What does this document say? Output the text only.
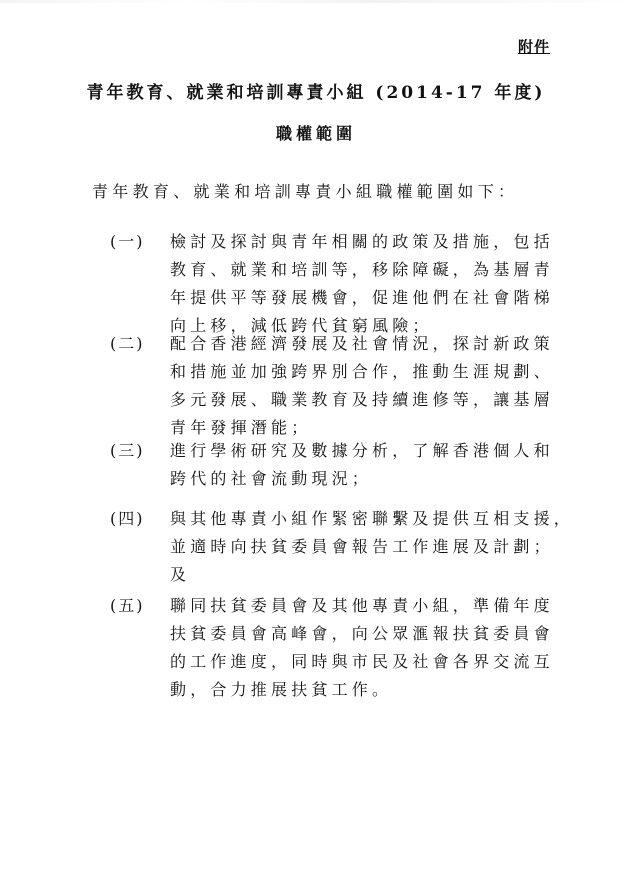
附件
青年教育、就業和培訓專責小組 (2014-17 年度)
職權範圍
青年教育、就業和培訓專責小組職權範圍如下：
(一)	檢討及探討與青年相關的政策及措施，包括
教育、就業和培訓等，移除障礙，為基層青
年提供平等發展機會，促進他們在社會階梯
向上移，減低跨代貧窮風險；
(二)	配合香港經濟發展及社會情況，探討新政策
和措施並加強跨界別合作，推動生涯規劃、
多元發展、職業教育及持續進修等，讓基層
青年發揮潛能；
(三)	進行學術研究及數據分析，了解香港個人和
跨代的社會流動現況；
(四)	與其他專責小組作緊密聯繫及提供互相支援，
並適時向扶貧委員會報告工作進展及計劃；
及
(五)	聯同扶貧委員會及其他專責小組，準備年度
扶貧委員會高峰會，向公眾滙報扶貧委員會
的工作進度，同時與市民及社會各界交流互
動，合力推展扶貧工作。
